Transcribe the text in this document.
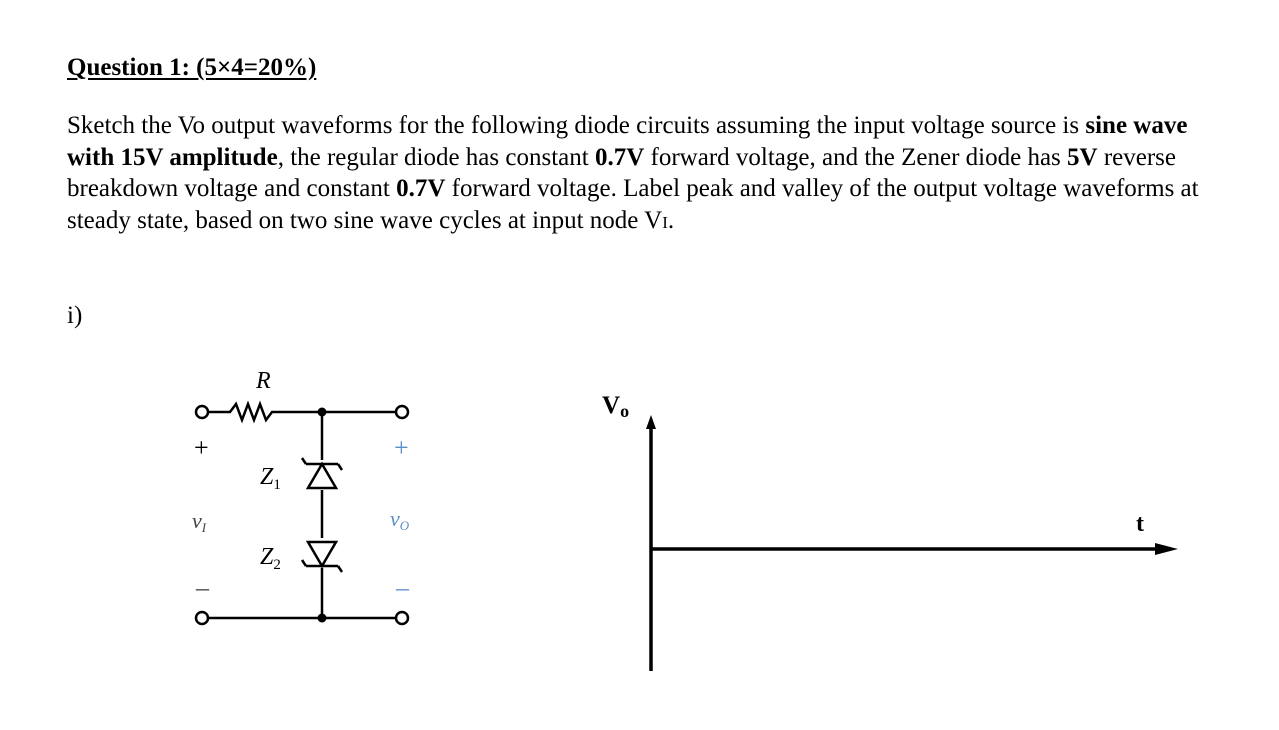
Question 1: (5×4=20%)

Sketch the Vo output waveforms for the following diode circuits assuming the input voltage source is sine wave with 15V amplitude, the regular diode has constant 0.7V forward voltage, and the Zener diode has 5V reverse breakdown voltage and constant 0.7V forward voltage. Label peak and valley of the output voltage waveforms at steady state, based on two sine wave cycles at input node VI.

i)
R
$Z_1$
$Z_2$
+	+
vI	vO
–	–
Vo
t
